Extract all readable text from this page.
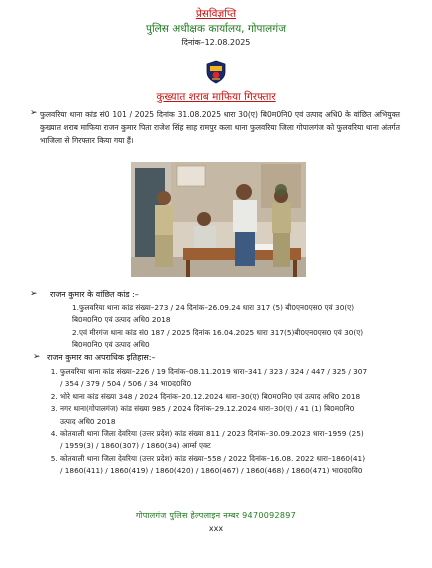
प्रेसविज्ञप्ति
पुलिस अधीक्षक कार्यालय, गोपालगंज
दिनांक–12.08.2025
कुख्यात शराब माफिया गिरफ्तार
➢ फुलवरिया थाना कांड सं0 101 / 2025 दिनांक 31.08.2025 धारा 30(ए) बि0म0नि0 एवं उत्पाद अधि0 के वांछित अभियुक्त कुख्यात शराब माफिया राजन कुमार पिता राजेश सिंह साह रामपुर कला थाना फुलवरिया जिला गोपालगंज को फुलवरिया थाना अंतर्गत भाजिला से गिरफ्तार किया गया हैं।
➢ राजन कुमार के वांछित कांड :–

1.फुलवरिया थाना कांड संख्या–273 / 24 दिनांक–26.09.24 धारा 317 (5) बी0एन0एस0 एवं 30(ए) बि0म0नि0 एवं उत्पाद अधि0 2018

2.एवं मीरगंज थाना कांड सं0 187 / 2025 दिनांक 16.04.2025 धारा 317(5)बी0एन0एस0 एवं 30(ए) बि0म0नि0 एवं उत्पाद अधि0

➢ राजन कुमार का अपराधिक इतिहास:–
1. फुलवरिया थाना कांड संख्या–226 / 19 दिनांक–08.11.2019 धारा–341 / 323 / 324 / 447 / 325 / 307 / 354 / 379 / 504 / 506 / 34 भा0द0वि0
2. भोरे थाना कांड संख्या 348 / 2024 दिनांक–20.12.2024 धारा–30(ए) बि0म0नि0 एवं उत्पाद अधि0 2018
3. नगर थाना(गोपालगंज) कांड संख्या 985 / 2024 दिनांक–29.12.2024 धारा–30(ए) / 41 (1) बि0म0नि0 उत्पाद अधि0 2018
4. कोतवाली थाना जिला देवरिया (उत्तर प्रदेश) कांड संख्या 811 / 2023 दिनांक–30.09.2023 धारा–1959 (25) / 1959(3) / 1860(307) / 1860(34) आर्म्स एक्ट
5. कोतवाली थाना जिला देवरिया (उत्तर प्रदेश) कांड संख्या–558 / 2022 दिनांक–16.08. 2022 धारा–1860(41) / 1860(411) / 1860(419) / 1860(420) / 1860(467) / 1860(468) / 1860(471) भा0द0वि0
गोपालगंज पुलिस हेल्पलाइन नम्बर 9470092897
xxx
